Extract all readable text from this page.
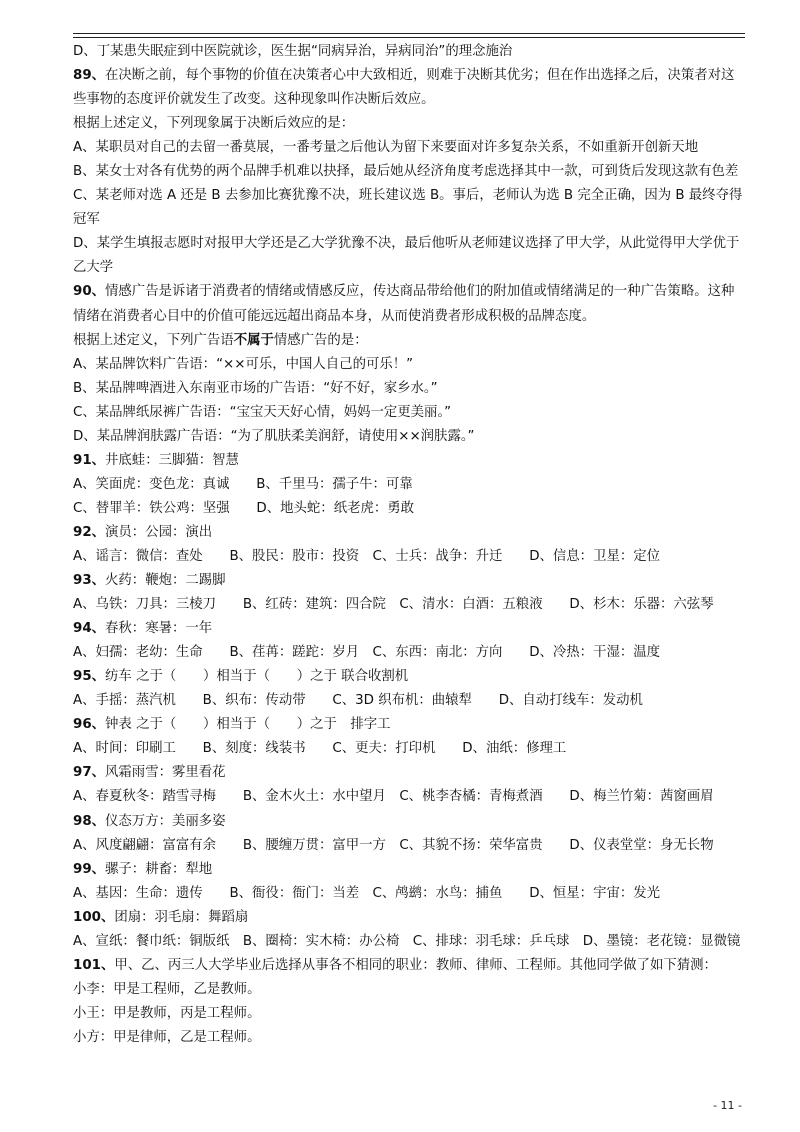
D、丁某患失眠症到中医院就诊，医生据“同病异治，异病同治”的理念施治
89、在决断之前，每个事物的价值在决策者心中大致相近，则难于决断其优劣；但在作出选择之后，决策者对这些事物的态度评价就发生了改变。这种现象叫作决断后效应。
根据上述定义，下列现象属于决断后效应的是：
A、某职员对自己的去留一番莫展，一番考量之后他认为留下来要面对许多复杂关系，不如重新开创新天地
B、某女士对各有优势的两个品牌手机难以抉择，最后她从经济角度考虑选择其中一款，可到货后发现这款有色差
C、某老师对选 A 还是 B 去参加比赛犹豫不决，班长建议选 B。事后，老师认为选 B 完全正确，因为 B 最终夺得冠军
D、某学生填报志愿时对报甲大学还是乙大学犹豫不决，最后他听从老师建议选择了甲大学，从此觉得甲大学优于乙大学
90、情感广告是诉诸于消费者的情绪或情感反应，传达商品带给他们的附加值或情绪满足的一种广告策略。这种情绪在消费者心目中的价值可能远远超出商品本身，从而使消费者形成积极的品牌态度。
根据上述定义，下列广告语不属于情感广告的是：
A、某品牌饮料广告语：“××可乐，中国人自己的可乐！”
B、某品牌啤酒进入东南亚市场的广告语：“好不好，家乡水。”
C、某品牌纸尿裤广告语：“宝宝天天好心情，妈妈一定更美丽。”
D、某品牌润肤露广告语：“为了肌肤柔美润舒，请使用××润肤露。”
91、井底蛙：三脚猫：智慧
A、笑面虎：变色龙：真诚　　B、千里马：孺子牛：可靠
C、替罪羊：铁公鸡：坚强　　D、地头蛇：纸老虎：勇敢
92、演员：公园：演出
A、谣言：微信：查处　　B、股民：股市：投资　C、士兵：战争：升迁　　D、信息：卫星：定位
93、火药：鞭炮：二踢脚
A、乌铁：刀具：三棱刀　　B、红砖：建筑：四合院　C、清水：白酒：五粮液　　D、杉木：乐器：六弦琴
94、春秋：寒暑：一年
A、妇孺：老幼：生命　　B、荏苒：蹉跎：岁月　C、东西：南北：方向　　D、冷热：干湿：温度
95、纺车 之于（　　）相当于（　　）之于 联合收割机
A、手摇：蒸汽机　　B、织布：传动带　　C、3D 织布机：曲辕犁　　D、自动打线车：发动机
96、钟表 之于（　　）相当于（　　）之于　排字工
A、时间：印刷工　　B、刻度：线装书　　C、更夫：打印机　　D、油纸：修理工
97、风霜雨雪：雾里看花
A、春夏秋冬：踏雪寻梅　　B、金木火土：水中望月　C、桃李杏橘：青梅煮酒　　D、梅兰竹菊：茜窗画眉
98、仪态万方：美丽多姿
A、风度翩翩：富富有余　　B、腰缠万贯：富甲一方　C、其貌不扬：荣华富贵　　D、仪表堂堂：身无长物
99、骡子：耕畜：犁地
A、基因：生命：遗传　　B、衙役：衙门：当差　C、鸬鹚：水鸟：捕鱼　　D、恒星：宇宙：发光
100、团扇：羽毛扇：舞蹈扇
A、宣纸：餐巾纸：铜版纸　B、圈椅：实木椅：办公椅　C、排球：羽毛球：乒乓球　D、墨镜：老花镜：显微镜
101、甲、乙、丙三人大学毕业后选择从事各不相同的职业：教师、律师、工程师。其他同学做了如下猜测：
小李：甲是工程师，乙是教师。
小王：甲是教师，丙是工程师。
小方：甲是律师，乙是工程师。
- 11 -
